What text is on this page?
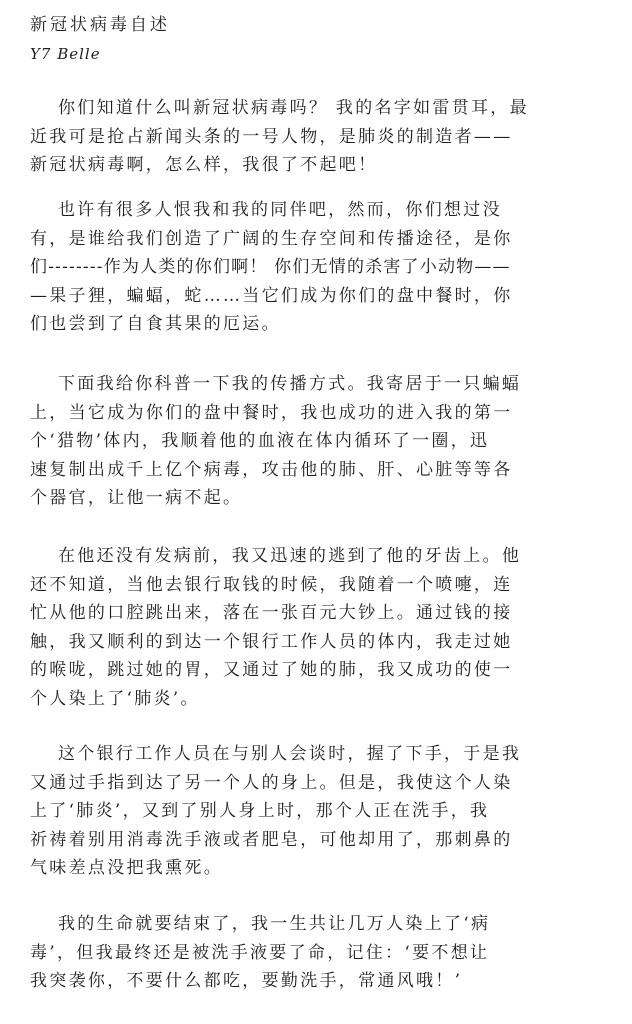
新冠状病毒自述
Y7 Belle
你们知道什么叫新冠状病毒吗？ 我的名字如雷贯耳，最
近我可是抢占新闻头条的一号人物，是肺炎的制造者——
新冠状病毒啊，怎么样，我很了不起吧！
也许有很多人恨我和我的同伴吧，然而，你们想过没
有，是谁给我们创造了广阔的生存空间和传播途径，是你
们--------作为人类的你们啊！ 你们无情的杀害了小动物——
—果子狸，蝙蝠，蛇……当它们成为你们的盘中餐时，你
们也尝到了自食其果的厄运。
下面我给你科普一下我的传播方式。我寄居于一只蝙蝠
上，当它成为你们的盘中餐时，我也成功的进入我的第一
个‘猎物’体内，我顺着他的血液在体内循环了一圈，迅
速复制出成千上亿个病毒，攻击他的肺、肝、心脏等等各
个器官，让他一病不起。
在他还没有发病前，我又迅速的逃到了他的牙齿上。他
还不知道，当他去银行取钱的时候，我随着一个喷嚏，连
忙从他的口腔跳出来，落在一张百元大钞上。通过钱的接
触，我又顺利的到达一个银行工作人员的体内，我走过她
的喉咙，跳过她的胃，又通过了她的肺，我又成功的使一
个人染上了‘肺炎’。
这个银行工作人员在与别人会谈时，握了下手，于是我
又通过手指到达了另一个人的身上。但是，我使这个人染
上了‘肺炎’，又到了别人身上时，那个人正在洗手，我
祈祷着别用消毒洗手液或者肥皂，可他却用了，那刺鼻的
气味差点没把我熏死。
我的生命就要结束了，我一生共让几万人染上了‘病
毒’，但我最终还是被洗手液要了命，记住：‘要不想让
我突袭你，不要什么都吃，要勤洗手，常通风哦！’
